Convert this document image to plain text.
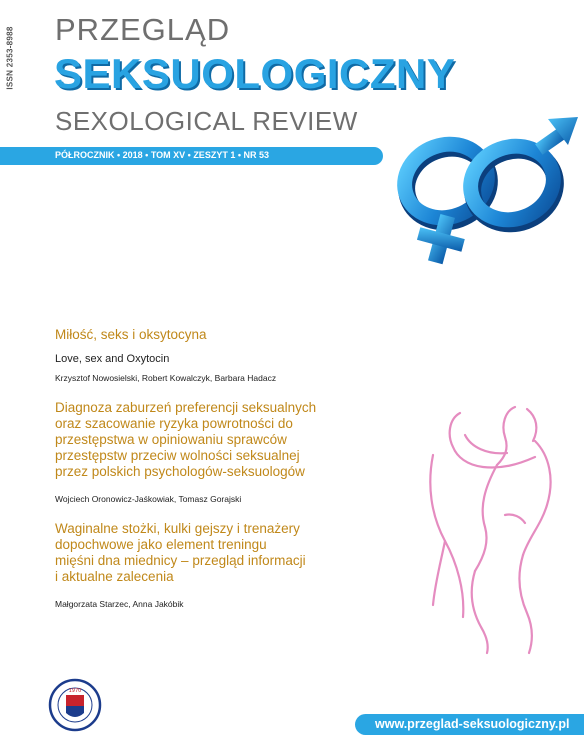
ISSN 2353-8988 PRZEGLĄD
SEKSUOLOGICZNY
SEXOLOGICAL REVIEW
PÓŁROCZNIK • 2018 • TOM XV • ZESZYT 1 • NR 53
Miłość, seks i oksytocyna
Love, sex and Oxytocin
Krzysztof Nowosielski, Robert Kowalczyk, Barbara Hadacz
Diagnoza zaburzeń preferencji seksualnych
oraz szacowanie ryzyka powrotności do
przestępstwa w opiniowaniu sprawców
przestępstw przeciw wolności seksualnej
przez polskich psychologów-seksuologów
Wojciech Oronowicz-Jaśkowiak, Tomasz Gorajski
Waginalne stożki, kulki gejszy i trenażery
dopochwowe jako element treningu
mięśni dna miednicy – przegląd informacji
i aktualne zalecenia
Małgorzata Starzec, Anna Jakóbik
1970
www.przeglad-seksuologiczny.pl
